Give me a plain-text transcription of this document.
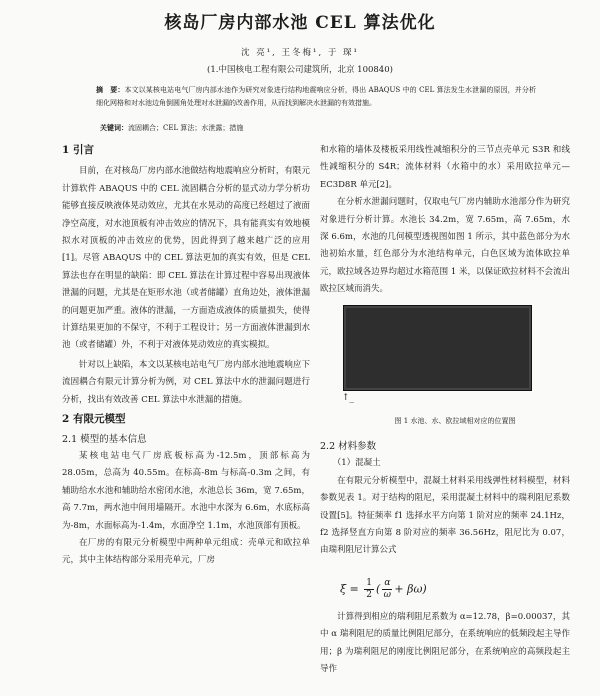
核岛厂房内部水池 CEL 算法优化
沈 亮¹, 王冬梅¹, 于 琛¹
(1.中国核电工程有限公司建筑所，北京 100840)
摘　要：本文以某核电站电气厂房内部水池作为研究对象进行结构地震响应分析，得出 ABAQUS 中的 CEL 算法发生水泄漏的原因，并分析细化网格和对水池边角倒圆角处理对水泄漏的改善作用，从而找到解决水泄漏的有效措施。
关键词：流固耦合；CEL 算法；水泄露；措施
1 引言

目前，在对核岛厂房内部水池做结构地震响应分析时，有限元计算软件 ABAQUS 中的 CEL 流固耦合分析的显式动力学分析功能够直接反映液体晃动效应，尤其在水晃动的高度已经超过了液面净空高度，对水池顶板有冲击效应的情况下，具有能真实有效地模拟水对顶板的冲击效应的优势，因此得到了越来越广泛的应用[1]。尽管 ABAQUS 中的 CEL 算法更加的真实有效，但是 CEL 算法也存在明显的缺陷：即 CEL 算法在计算过程中容易出现液体泄漏的问题，尤其是在矩形水池（或者储罐）直角边处，液体泄漏的问题更加严重。液体的泄漏，一方面造成液体的质量损失，使得计算结果更加的不保守，不利于工程设计；另一方面液体泄漏到水池（或者储罐）外，不利于对液体晃动效应的真实模拟。

针对以上缺陷，本文以某核电站电气厂房内部水池地震响应下流固耦合有限元计算分析为例，对 CEL 算法中水的泄漏问题进行分析，找出有效改善 CEL 算法中水泄漏的措施。

2 有限元模型
2.1 模型的基本信息

某核电站电气厂房底板标高为-12.5m，顶部标高为 28.05m，总高为 40.55m。在标高-8m 与标高-0.3m 之间，有辅助给水水池和辅助给水密闭水池，水池总长 36m，宽 7.65m，高 7.7m，两水池中间用墙隔开。水池中水深为 6.6m，水底标高为-8m，水面标高为-1.4m，水面净空 1.1m，水池顶部有顶板。

在厂房的有限元分析模型中两种单元组成：壳单元和欧拉单元，其中主体结构部分采用壳单元，厂房

和水箱的墙体及楼板采用线性减缩积分的三节点壳单元 S3R 和线性减缩积分的 S4R；流体材料（水箱中的水）采用欧拉单元—EC3D8R 单元[2]。

在分析水泄漏问题时，仅取电气厂房内辅助水池部分作为研究对象进行分析计算。水池长 34.2m，宽 7.65m，高 7.65m，水深 6.6m，水池的几何模型透视图如图 1 所示，其中蓝色部分为水池初始水量，红色部分为水池结构单元，白色区域为流体欧拉单元，欧拉域各边界均超过水箱范围 1 米，以保证欧拉材料不会流出欧拉区域而消失。

↑_
图 1 水池、水、欧拉域相对应的位置图
2.2 材料参数
（1）混凝土

在有限元分析模型中，混凝土材料采用线弹性材料模型，材料参数见表 1。对于结构的阻尼，采用混凝土材料中的瑞利阻尼系数设置[5]。特征频率 f1 选择水平方向第 1 阶对应的频率 24.1Hz，f2 选择竖直方向第 8 阶对应的频率 36.56Hz，阻尼比为 0.07，由瑞利阻尼计算公式

$\xi = \frac{1}{2}$ ( $\frac{\alpha}{\omega} + \beta\omega$)

计算得到相应的瑞利阻尼系数为 α=12.78，β=0.00037，其中 α 瑞利阻尼的质量比例阻尼部分，在系统响应的低频段起主导作用；β 为瑞利阻尼的刚度比例阻尼部分，在系统响应的高频段起主导作
